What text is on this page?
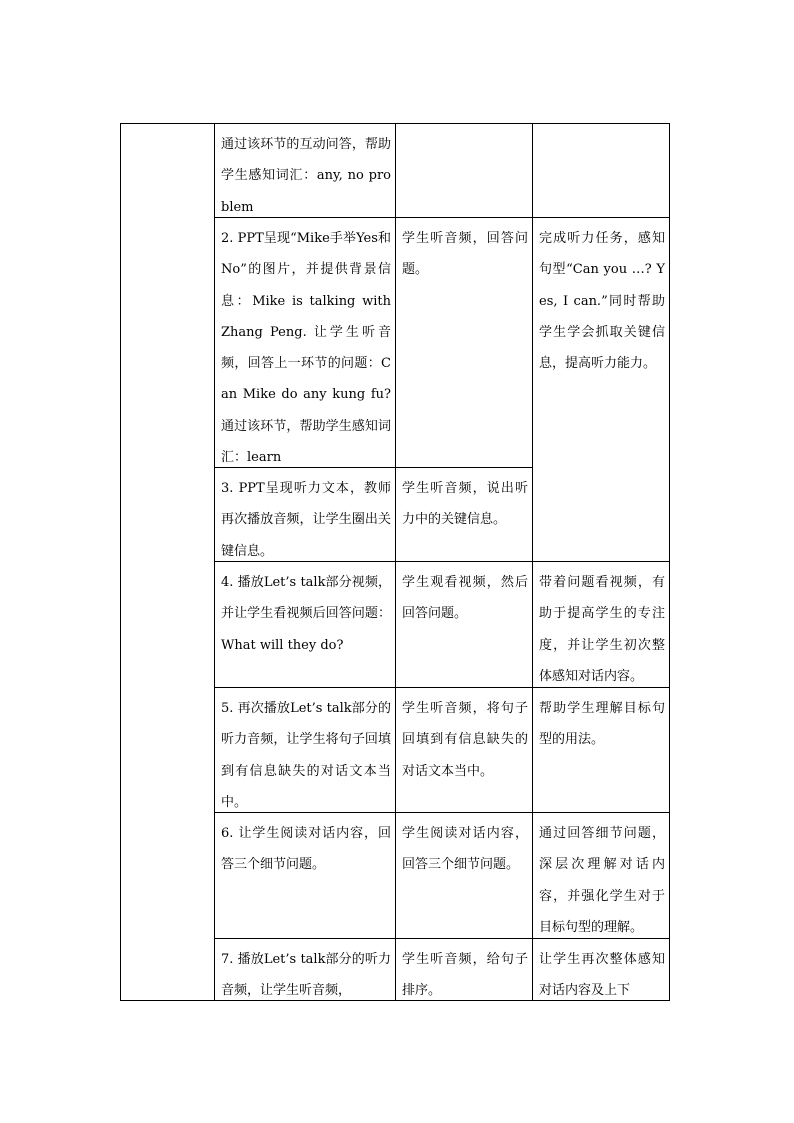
通过该环节的互动问答，帮助学生感知词汇：any, no problem
2. PPT呈现“Mike手举Yes和No”的图片，并提供背景信息：Mike is talking with Zhang Peng. 让学生听音频，回答上一环节的问题：Can Mike do any kung fu? 通过该环节，帮助学生感知词汇：learn
学生听音频，回答问题。
完成听力任务，感知句型“Can you …? Yes, I can.”同时帮助学生学会抓取关键信息，提高听力能力。
3. PPT呈现听力文本，教师再次播放音频，让学生圈出关键信息。
学生听音频，说出听力中的关键信息。
4. 播放Let’s talk部分视频，并让学生看视频后回答问题：What will they do?
学生观看视频，然后回答问题。
带着问题看视频，有助于提高学生的专注度，并让学生初次整体感知对话内容。
5. 再次播放Let’s talk部分的听力音频，让学生将句子回填到有信息缺失的对话文本当中。
学生听音频，将句子回填到有信息缺失的对话文本当中。
帮助学生理解目标句型的用法。
6. 让学生阅读对话内容，回答三个细节问题。
学生阅读对话内容，回答三个细节问题。
通过回答细节问题，深层次理解对话内容，并强化学生对于目标句型的理解。
7. 播放Let’s talk部分的听力音频，让学生听音频，
学生听音频，给句子排序。
让学生再次整体感知对话内容及上下
